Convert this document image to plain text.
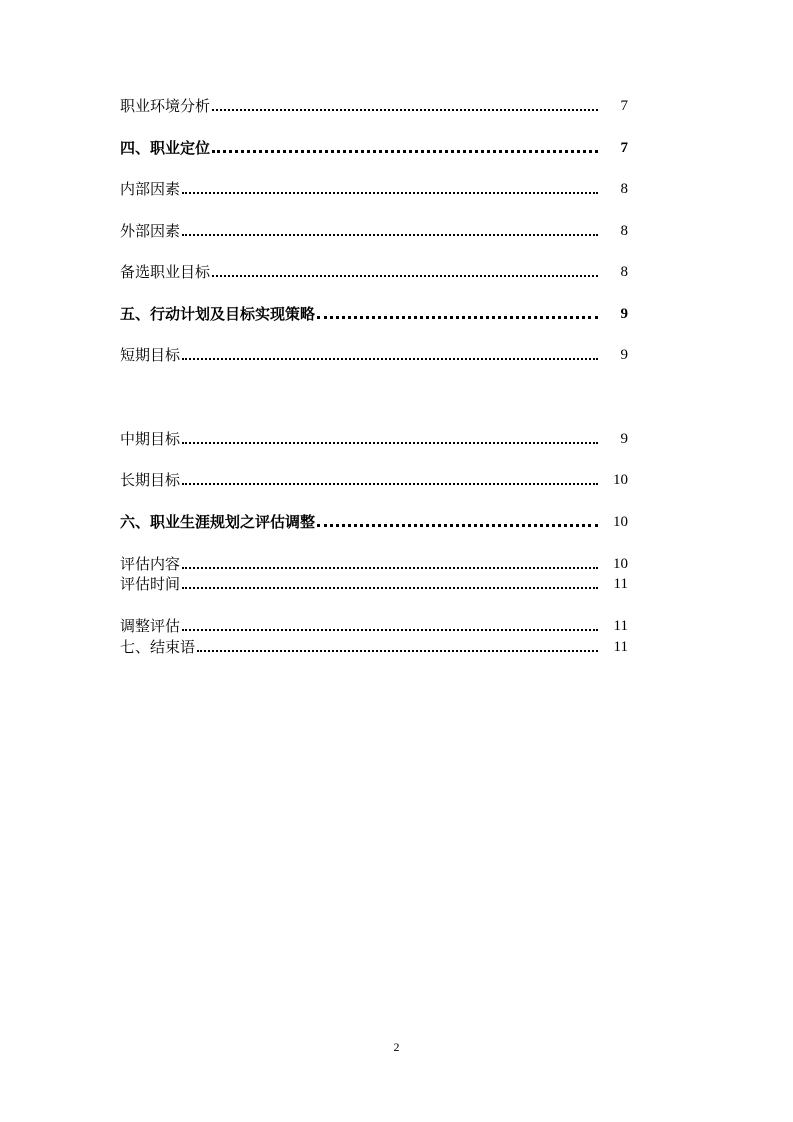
职业环境分析	7
四、职业定位	7
内部因素	8
外部因素	8
备选职业目标	8
五、行动计划及目标实现策略	9
短期目标	9
中期目标	9
长期目标	10
六、职业生涯规划之评估调整	10
评估内容	10
评估时间	11
调整评估	11
七、结束语	11
2
